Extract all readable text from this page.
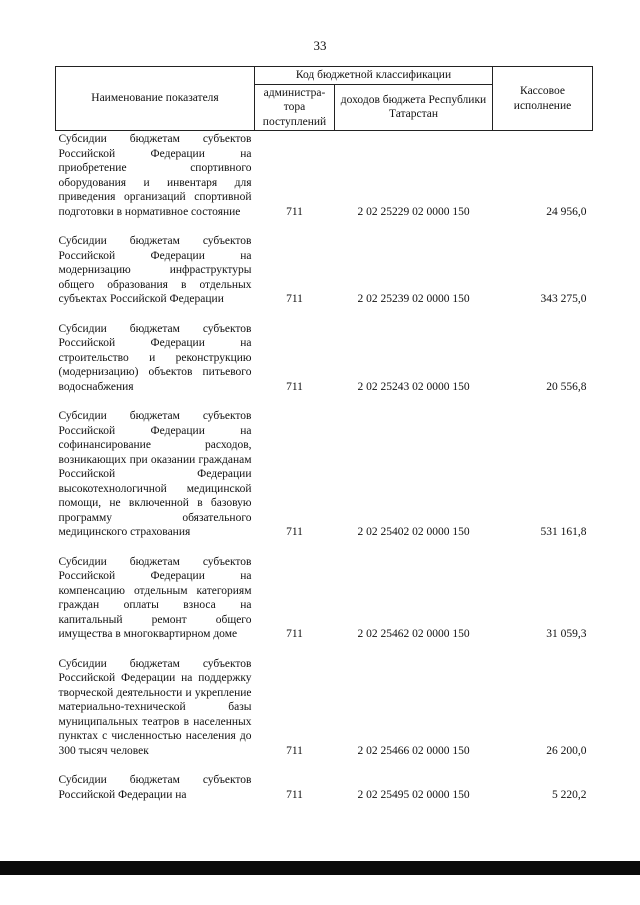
33
Наименование показателя	Код бюджетной классификации		Кассовое исполнение
	администра-тора поступлений	доходов бюджета Республики Татарстан	
Субсидии бюджетам субъектов Российской Федерации на приобретение спортивного оборудования и инвентаря для приведения организаций спортивной подготовки в нормативное состояние	711	2 02 25229 02 0000 150	24 956,0

Субсидии бюджетам субъектов Российской Федерации на модернизацию инфраструктуры общего образования в отдельных субъектах Российской Федерации	711	2 02 25239 02 0000 150	343 275,0

Субсидии бюджетам субъектов Российской Федерации на строительство и реконструкцию (модернизацию) объектов питьевого водоснабжения	711	2 02 25243 02 0000 150	20 556,8

Субсидии бюджетам субъектов Российской Федерации на софинансирование расходов, возникающих при оказании гражданам Российской Федерации высокотехнологичной медицинской помощи, не включенной в базовую программу обязательного медицинского страхования	711	2 02 25402 02 0000 150	531 161,8

Субсидии бюджетам субъектов Российской Федерации на компенсацию отдельным категориям граждан оплаты взноса на капитальный ремонт общего имущества в многоквартирном доме	711	2 02 25462 02 0000 150	31 059,3

Субсидии бюджетам субъектов Российской Федерации на поддержку творческой деятельности и укрепление материально-технической базы муниципальных театров в населенных пунктах с численностью населения до 300 тысяч человек	711	2 02 25466 02 0000 150	26 200,0

Субсидии бюджетам субъектов Российской Федерации на	711	2 02 25495 02 0000 150	5 220,2
